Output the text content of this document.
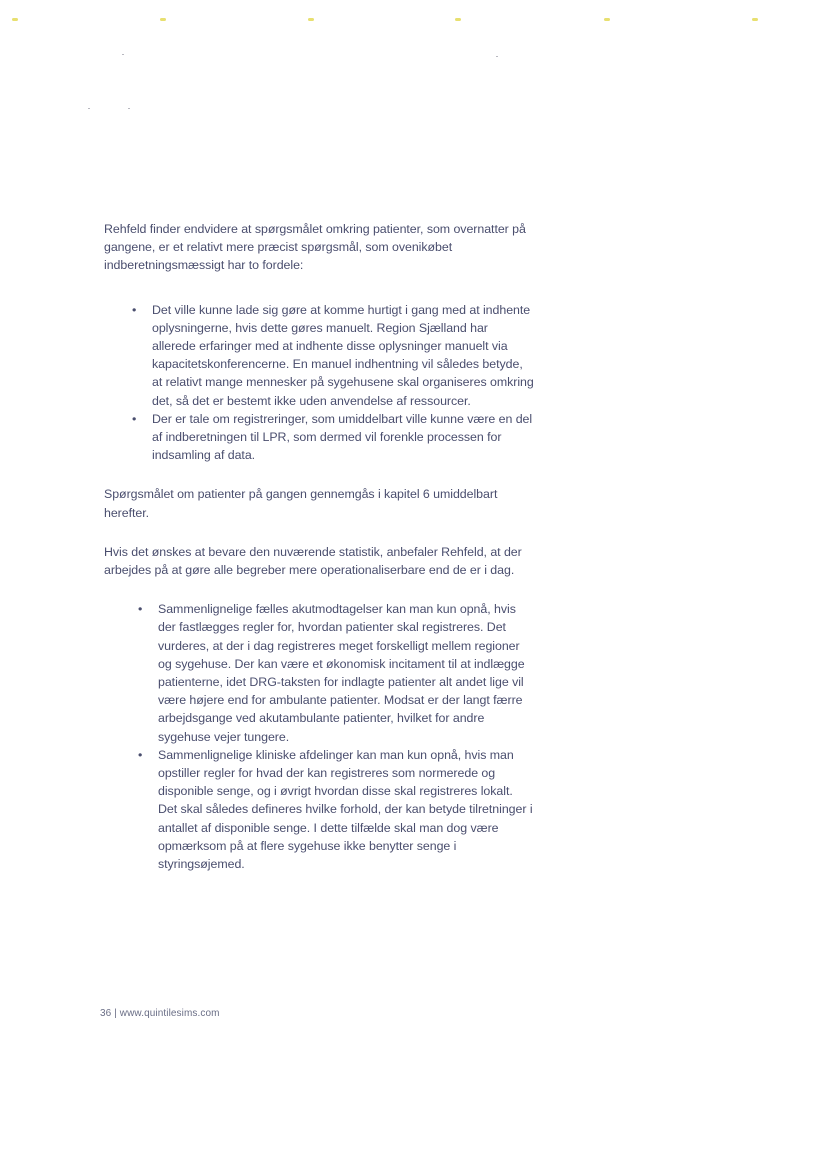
Rehfeld finder endvidere at spørgsmålet omkring patienter, som overnatter på gangene, er et relativt mere præcist spørgsmål, som ovenikøbet indberetningsmæssigt har to fordele:

• Det ville kunne lade sig gøre at komme hurtigt i gang med at indhente oplysningerne, hvis dette gøres manuelt. Region Sjælland har allerede erfaringer med at indhente disse oplysninger manuelt via kapacitetskonferencerne. En manuel indhentning vil således betyde, at relativt mange mennesker på sygehusene skal organiseres omkring det, så det er bestemt ikke uden anvendelse af ressourcer.
• Der er tale om registreringer, som umiddelbart ville kunne være en del af indberetningen til LPR, som dermed vil forenkle processen for indsamling af data.

Spørgsmålet om patienter på gangen gennemgås i kapitel 6 umiddelbart herefter.

Hvis det ønskes at bevare den nuværende statistik, anbefaler Rehfeld, at der arbejdes på at gøre alle begreber mere operationaliserbare end de er i dag.

• Sammenlignelige fælles akutmodtagelser kan man kun opnå, hvis der fastlægges regler for, hvordan patienter skal registreres. Det vurderes, at der i dag registreres meget forskelligt mellem regioner og sygehuse. Der kan være et økonomisk incitament til at indlægge patienterne, idet DRG-taksten for indlagte patienter alt andet lige vil være højere end for ambulante patienter. Modsat er der langt færre arbejdsgange ved akutambulante patienter, hvilket for andre sygehuse vejer tungere.
• Sammenlignelige kliniske afdelinger kan man kun opnå, hvis man opstiller regler for hvad der kan registreres som normerede og disponible senge, og i øvrigt hvordan disse skal registreres lokalt. Det skal således defineres hvilke forhold, der kan betyde tilretninger i antallet af disponible senge. I dette tilfælde skal man dog være opmærksom på at flere sygehuse ikke benytter senge i styringsøjemed.
36 | www.quintilesims.com
